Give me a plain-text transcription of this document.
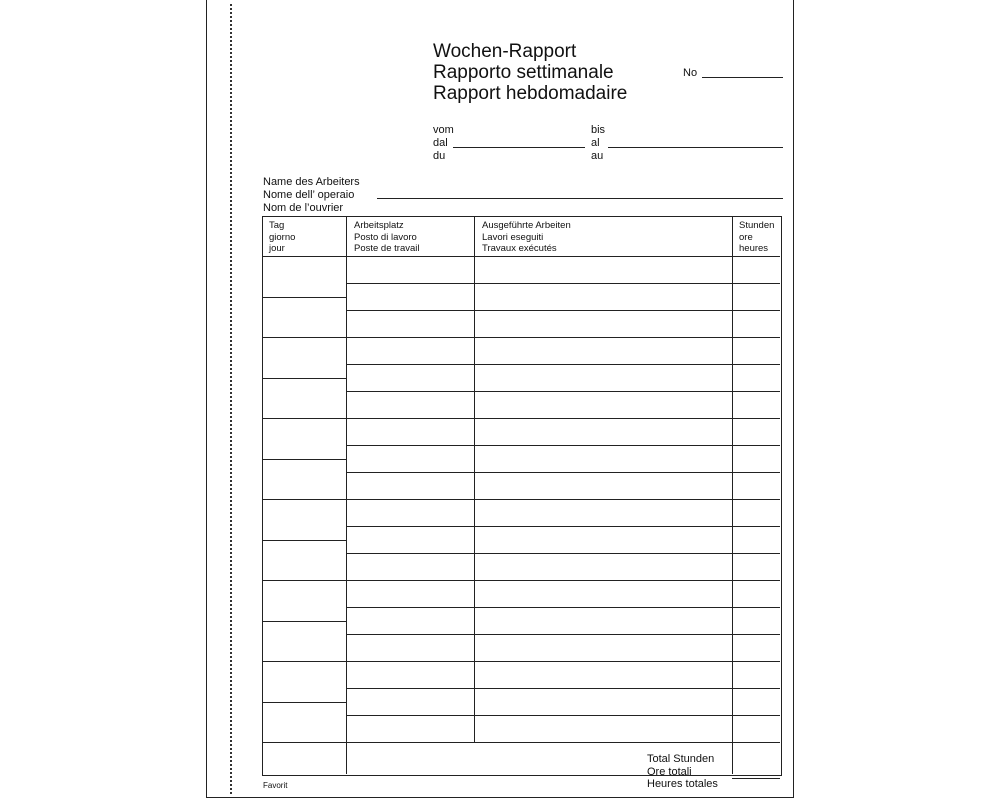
Wochen-Rapport
Rapporto settimanale
Rapport hebdomadaire
No
vom
dal
du
bis
al
au
Name des Arbeiters
Nome dell’ operaio
Nom de l’ouvrier
Tag
giorno
jour
Arbeitsplatz
Posto di lavoro
Poste de travail
Ausgeführte Arbeiten
Lavori eseguiti
Travaux exécutés
Stunden
ore
heures
Total Stunden
Ore totali
Heures totales
Favorit
